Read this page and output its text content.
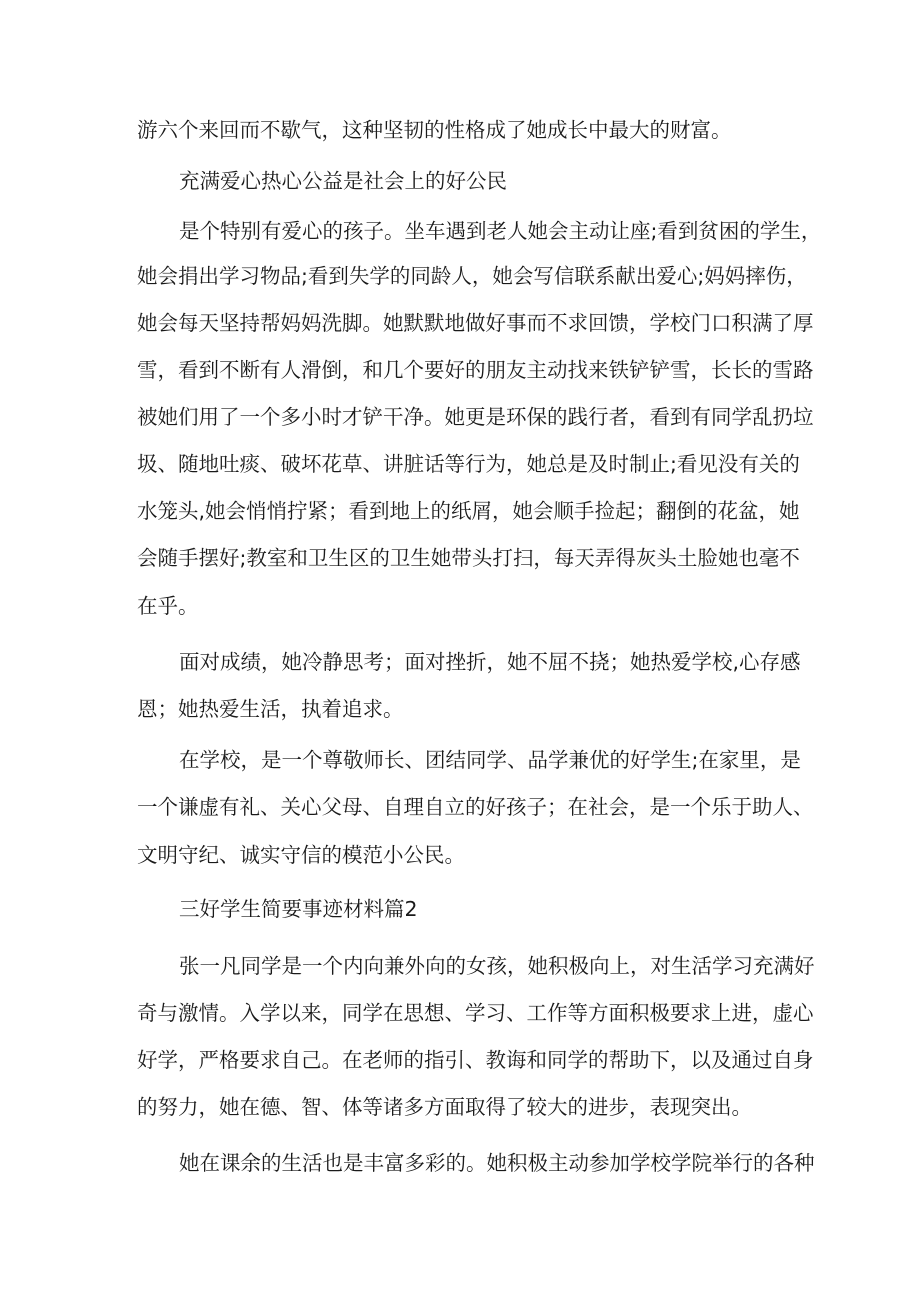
游六个来回而不歇气，这种坚韧的性格成了她成长中最大的财富。
充满爱心热心公益是社会上的好公民
是个特别有爱心的孩子。坐车遇到老人她会主动让座;看到贫困的学生，
她会捐出学习物品;看到失学的同龄人，她会写信联系献出爱心;妈妈摔伤，
她会每天坚持帮妈妈洗脚。她默默地做好事而不求回馈，学校门口积满了厚
雪，看到不断有人滑倒，和几个要好的朋友主动找来铁铲铲雪，长长的雪路
被她们用了一个多小时才铲干净。她更是环保的践行者，看到有同学乱扔垃
圾、随地吐痰、破坏花草、讲脏话等行为，她总是及时制止;看见没有关的
水笼头,她会悄悄拧紧；看到地上的纸屑，她会顺手捡起；翻倒的花盆，她
会随手摆好;教室和卫生区的卫生她带头打扫，每天弄得灰头土脸她也毫不
在乎。
面对成绩，她冷静思考；面对挫折，她不屈不挠；她热爱学校,心存感
恩；她热爱生活，执着追求。
在学校，是一个尊敬师长、团结同学、品学兼优的好学生;在家里，是
一个谦虚有礼、关心父母、自理自立的好孩子；在社会，是一个乐于助人、
文明守纪、诚实守信的模范小公民。
三好学生简要事迹材料篇2
张一凡同学是一个内向兼外向的女孩，她积极向上，对生活学习充满好
奇与激情。入学以来，同学在思想、学习、工作等方面积极要求上进，虚心
好学，严格要求自己。在老师的指引、教诲和同学的帮助下，以及通过自身
的努力，她在德、智、体等诸多方面取得了较大的进步，表现突出。
她在课余的生活也是丰富多彩的。她积极主动参加学校学院举行的各种
